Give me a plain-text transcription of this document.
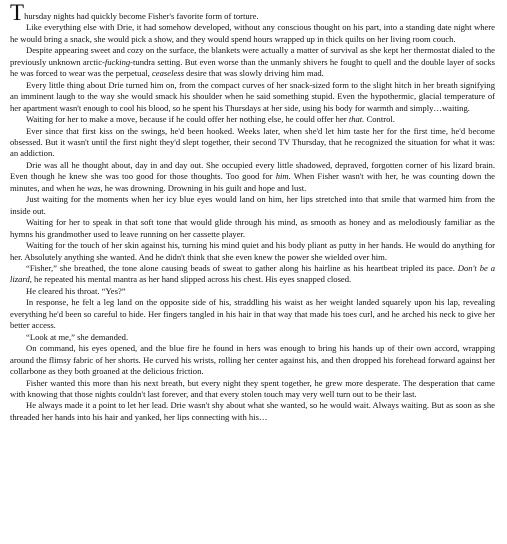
Thursday nights had quickly become Fisher's favorite form of torture.

Like everything else with Drie, it had somehow developed, without any conscious thought on his part, into a standing date night where he would bring a snack, she would pick a show, and they would spend hours wrapped up in thick quilts on her living room couch.

Despite appearing sweet and cozy on the surface, the blankets were actually a matter of survival as she kept her thermostat dialed to the previously unknown arctic-fucking-tundra setting. But even worse than the unmanly shivers he fought to quell and the double layer of socks he was forced to wear was the perpetual, ceaseless desire that was slowly driving him mad.

Every little thing about Drie turned him on, from the compact curves of her snack-sized form to the slight hitch in her breath signifying an imminent laugh to the way she would smack his shoulder when he said something stupid. Even the hypothermic, glacial temperature of her apartment wasn't enough to cool his blood, so he spent his Thursdays at her side, using his body for warmth and simply…waiting.

Waiting for her to make a move, because if he could offer her nothing else, he could offer her that. Control.

Ever since that first kiss on the swings, he'd been hooked. Weeks later, when she'd let him taste her for the first time, he'd become obsessed. But it wasn't until the first night they'd slept together, their second TV Thursday, that he recognized the situation for what it was: an addiction.

Drie was all he thought about, day in and day out. She occupied every little shadowed, depraved, forgotten corner of his lizard brain. Even though he knew she was too good for those thoughts. Too good for him. When Fisher wasn't with her, he was counting down the minutes, and when he was, he was drowning. Drowning in his guilt and hope and lust.

Just waiting for the moments when her icy blue eyes would land on him, her lips stretched into that smile that warmed him from the inside out.

Waiting for her to speak in that soft tone that would glide through his mind, as smooth as honey and as melodiously familiar as the hymns his grandmother used to leave running on her cassette player.

Waiting for the touch of her skin against his, turning his mind quiet and his body pliant as putty in her hands. He would do anything for her. Absolutely anything she wanted. And he didn't think that she even knew the power she wielded over him.

“Fisher,” she breathed, the tone alone causing beads of sweat to gather along his hairline as his heartbeat tripled its pace. Don't be a lizard, he repeated his mental mantra as her hand slipped across his chest. His eyes snapped closed.

He cleared his throat. “Yes?”

In response, he felt a leg land on the opposite side of his, straddling his waist as her weight landed squarely upon his lap, revealing everything he'd been so careful to hide. Her fingers tangled in his hair in that way that made his toes curl, and he arched his neck to give her better access.

“Look at me,” she demanded.

On command, his eyes opened, and the blue fire he found in hers was enough to bring his hands up of their own accord, wrapping around the flimsy fabric of her shorts. He curved his wrists, rolling her center against his, and then dropped his forehead forward against her collarbone as they both groaned at the delicious friction.

Fisher wanted this more than his next breath, but every night they spent together, he grew more desperate. The desperation that came with knowing that those nights couldn't last forever, and that every stolen touch may very well turn out to be their last.

He always made it a point to let her lead. Drie wasn't shy about what she wanted, so he would wait. Always waiting. But as soon as she threaded her hands into his hair and yanked, her lips connecting with his…
